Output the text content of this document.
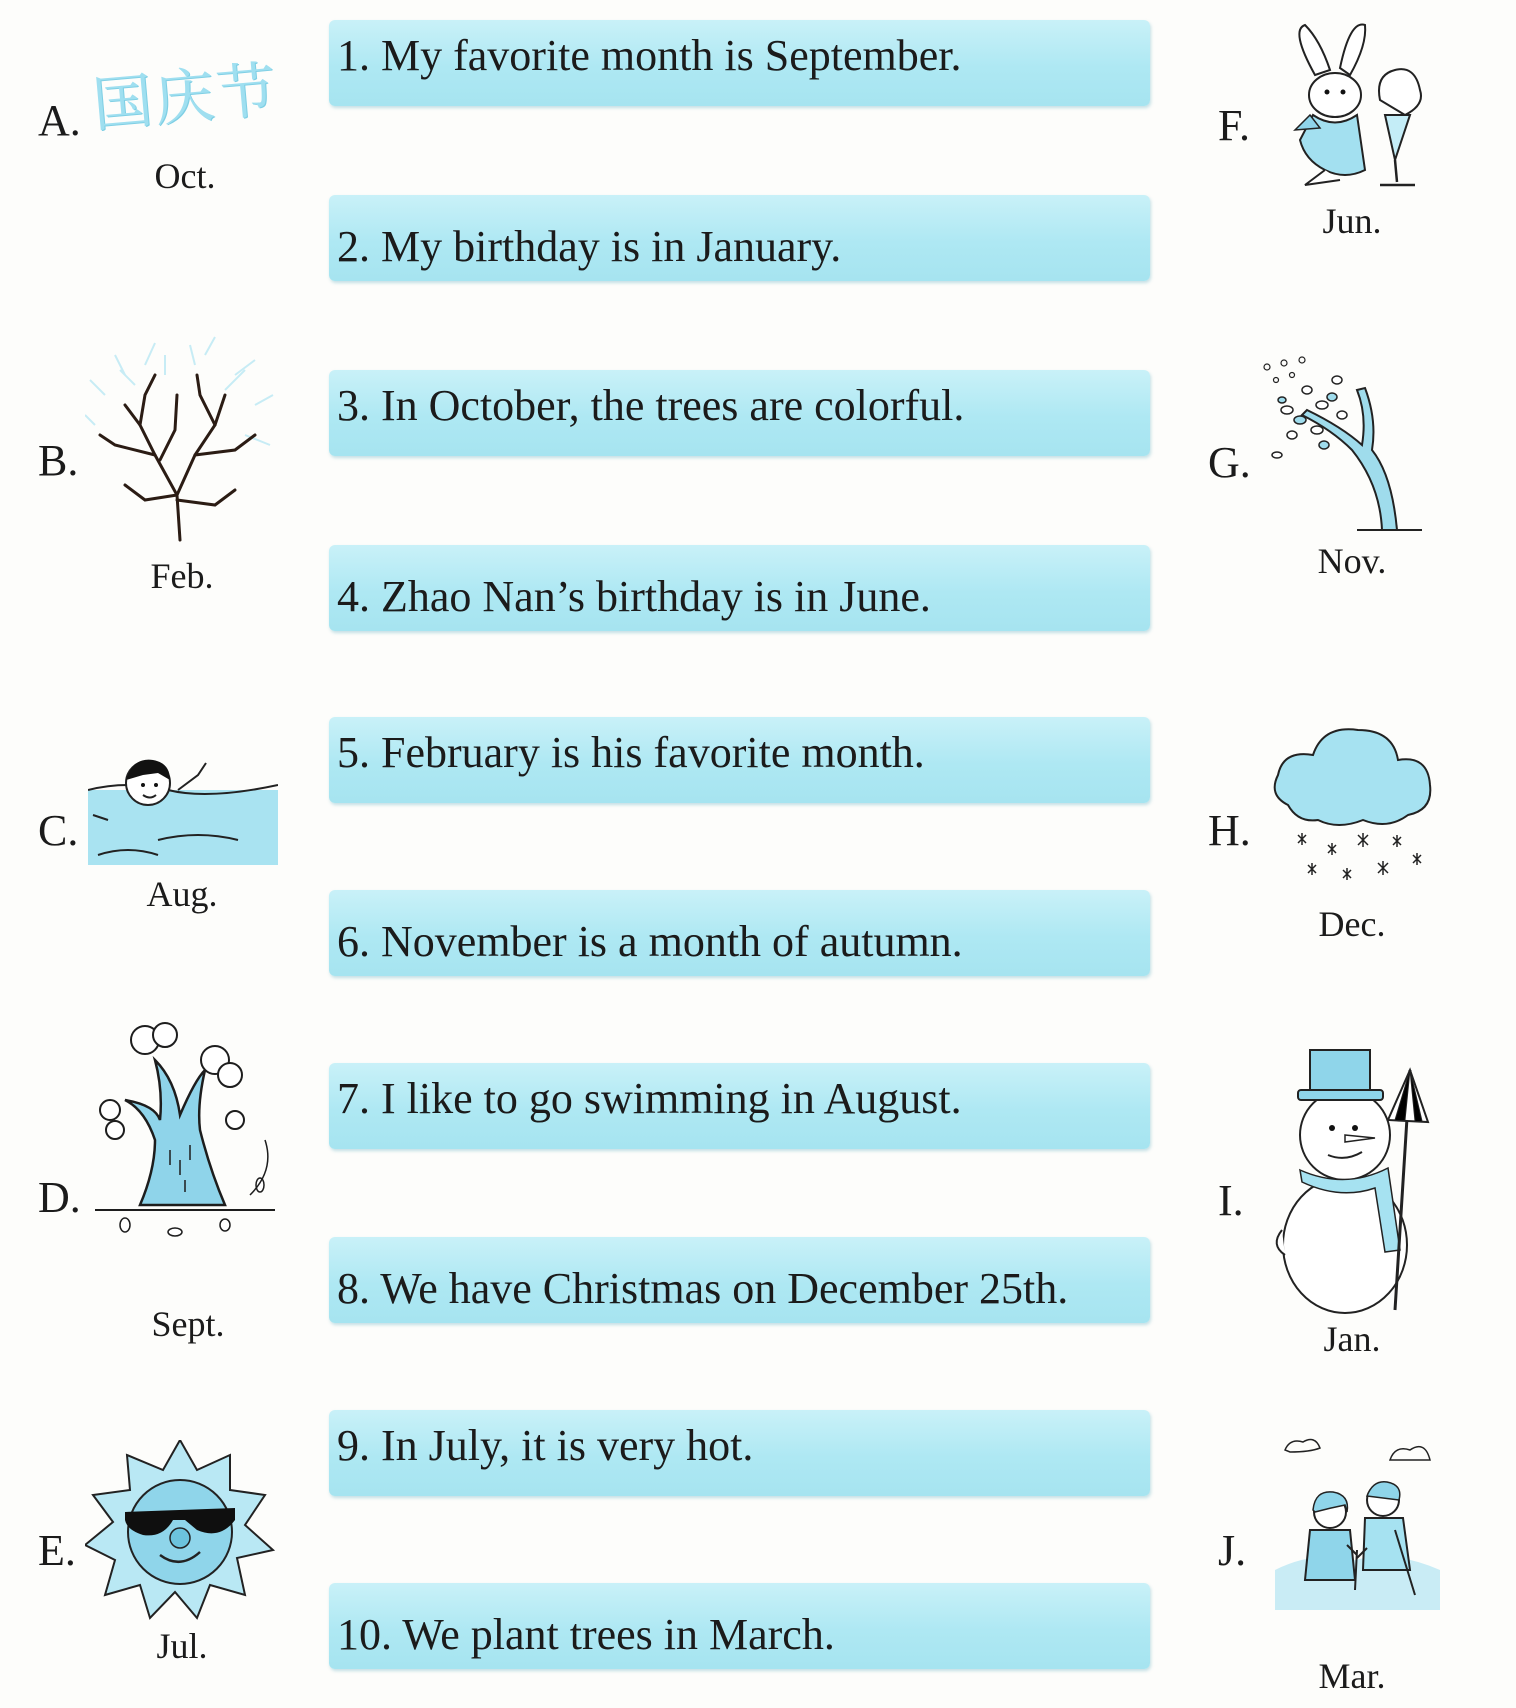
1. My favorite month is September.
2. My birthday is in January.
3. In October, the trees are colorful.
4. Zhao Nan’s birthday is in June.
5. February is his favorite month.
6. November is a month of autumn.
7. I like to go swimming in August.
8. We have Christmas on December 25th.
9. In July, it is very hot.
10. We plant trees in March.
A. 国庆节
Oct.
B.
Feb.
C.
Aug.
D.
Sept.
E.
Jul.
F.
Jun.
G.
Nov.
H.
Dec.
I.
Jan.
J.
Mar.
